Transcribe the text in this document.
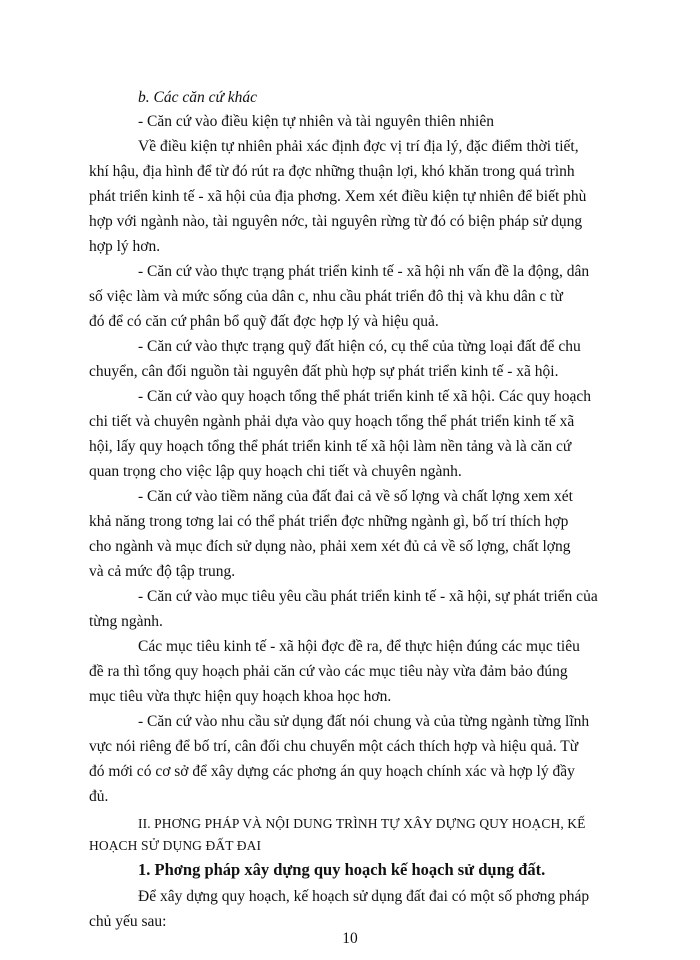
b. Các căn cứ khác
- Căn cứ vào điều kiện tự nhiên và tài nguyên thiên nhiên
Về điều kiện tự nhiên phải xác định đợc vị trí địa lý, đặc điểm thời tiết,
khí hậu, địa hình để từ đó rút ra đợc những thuận lợi, khó khăn trong quá trình
phát triển kinh tế - xã hội của địa phơng. Xem xét điều kiện tự nhiên để biết phù
hợp với ngành nào, tài nguyên nớc, tài nguyên rừng từ đó có biện pháp sử dụng
hợp lý hơn.
- Căn cứ vào thực trạng phát triển kinh tế - xã hội nh vấn đề la động, dân
số việc làm và mức sống của dân c, nhu cầu phát triển đô thị và khu dân c từ
đó để có căn cứ phân bổ quỹ đất đợc hợp lý và hiệu quả.
- Căn cứ vào thực trạng quỹ đất hiện có, cụ thể của từng loại đất để chu
chuyển, cân đối nguồn tài nguyên đất phù hợp sự phát triển kinh tế - xã hội.
- Căn cứ vào quy hoạch tổng thể phát triển kinh tế xã hội. Các quy hoạch
chi tiết và chuyên ngành phải dựa vào quy hoạch tổng thể phát triển kinh tế xã
hội, lấy quy hoạch tổng thể phát triển kinh tế xã hội làm nền tảng và là căn cứ
quan trọng cho việc lập quy hoạch chi tiết và chuyên ngành.
- Căn cứ vào tiềm năng của đất đai cả về số lợng và chất lợng xem xét
khả năng trong tơng lai có thể phát triển đợc những ngành gì, bố trí thích hợp
cho ngành và mục đích sử dụng nào, phải xem xét đủ cả về số lợng, chất lợng
và cả mức độ tập trung.
- Căn cứ vào mục tiêu yêu cầu phát triển kinh tế - xã hội, sự phát triển của
từng ngành.
Các mục tiêu kinh tế - xã hội đợc đề ra, để thực hiện đúng các mục tiêu
đề ra thì tổng quy hoạch phải căn cứ vào các mục tiêu này vừa đảm bảo đúng
mục tiêu vừa thực hiện quy hoạch khoa học hơn.
- Căn cứ vào nhu cầu sử dụng đất nói chung và của từng ngành từng lĩnh
vực nói riêng để bố trí, cân đối chu chuyển một cách thích hợp và hiệu quả. Từ
đó mới có cơ sở để xây dựng các phơng án quy hoạch chính xác và hợp lý đầy
đủ.
II. PHƠNG PHÁP VÀ NỘI DUNG TRÌNH TỰ XÂY DỰNG QUY HOẠCH, KẾ
HOẠCH SỬ DỤNG ĐẤT ĐAI
1. Phơng pháp xây dựng quy hoạch kế hoạch sử dụng đất.
Để xây dựng quy hoạch, kế hoạch sử dụng đất đai có một số phơng pháp
chủ yếu sau:
10
